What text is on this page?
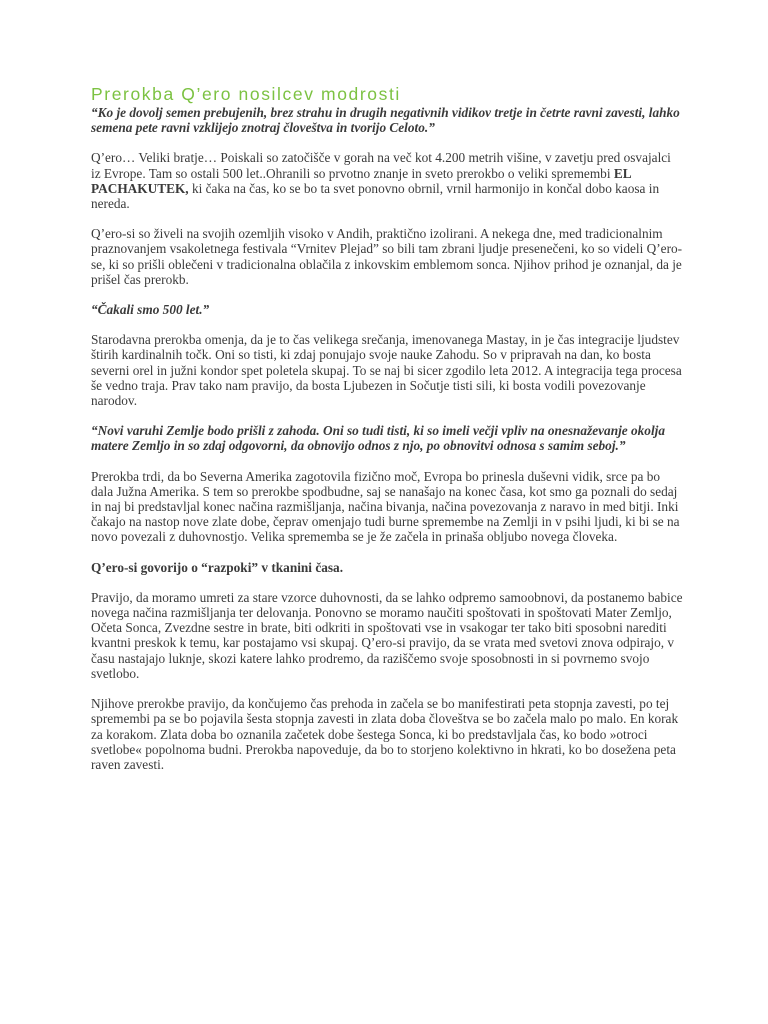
Prerokba Q’ero nosilcev modrosti

“Ko je dovolj semen prebujenih, brez strahu in drugih negativnih vidikov tretje in četrte ravni zavesti, lahko semena pete ravni vzklijejo znotraj človeštva in tvorijo Celoto.”

Q’ero… Veliki bratje… Poiskali so zatočišče v gorah na več kot 4.200 metrih višine, v zavetju pred osvajalci iz Evrope. Tam so ostali 500 let..Ohranili so prvotno znanje in sveto prerokbo o veliki spremembi EL PACHAKUTEK, ki čaka na čas, ko se bo ta svet ponovno obrnil, vrnil harmonijo in končal dobo kaosa in nereda.

Q’ero-si so živeli na svojih ozemljih visoko v Andih, praktično izolirani. A nekega dne, med tradicionalnim praznovanjem vsakoletnega festivala “Vrnitev Plejad” so bili tam zbrani ljudje presenečeni, ko so videli Q’ero-se, ki so prišli oblečeni v tradicionalna oblačila z inkovskim emblemom sonca. Njihov prihod je oznanjal, da je prišel čas prerokb.

“Čakali smo 500 let.”

Starodavna prerokba omenja, da je to čas velikega srečanja, imenovanega Mastay, in je čas integracije ljudstev štirih kardinalnih točk. Oni so tisti, ki zdaj ponujajo svoje nauke Zahodu. So v pripravah na dan, ko bosta severni orel in južni kondor spet poletela skupaj. To se naj bi sicer zgodilo leta 2012. A integracija tega procesa še vedno traja. Prav tako nam pravijo, da bosta Ljubezen in Sočutje tisti sili, ki bosta vodili povezovanje narodov.

“Novi varuhi Zemlje bodo prišli z zahoda. Oni so tudi tisti, ki so imeli večji vpliv na onesnaževanje okolja matere Zemljo in so zdaj odgovorni, da obnovijo odnos z njo, po obnovitvi odnosa s samim seboj.”

Prerokba trdi, da bo Severna Amerika zagotovila fizično moč, Evropa bo prinesla duševni vidik, srce pa bo dala Južna Amerika. S tem so prerokbe spodbudne, saj se nanašajo na konec časa, kot smo ga poznali do sedaj in naj bi predstavljal konec načina razmišljanja, načina bivanja, načina povezovanja z naravo in med bitji. Inki čakajo na nastop nove zlate dobe, čeprav omenjajo tudi burne spremembe na Zemlji in v psihi ljudi, ki bi se na novo povezali z duhovnostjo. Velika sprememba se je že začela in prinaša obljubo novega človeka.

Q’ero-si govorijo o “razpoki” v tkanini časa.

Pravijo, da moramo umreti za stare vzorce duhovnosti, da se lahko odpremo samoobnovi, da postanemo babice novega načina razmišljanja ter delovanja. Ponovno se moramo naučiti spoštovati in spoštovati Mater Zemljo, Očeta Sonca, Zvezdne sestre in brate, biti odkriti in spoštovati vse in vsakogar ter tako biti sposobni narediti kvantni preskok k temu, kar postajamo vsi skupaj. Q’ero-si pravijo, da se vrata med svetovi znova odpirajo, v času nastajajo luknje, skozi katere lahko prodremo, da raziščemo svoje sposobnosti in si povrnemo svojo svetlobo.

Njihove prerokbe pravijo, da končujemo čas prehoda in začela se bo manifestirati peta stopnja zavesti, po tej spremembi pa se bo pojavila šesta stopnja zavesti in zlata doba človeštva se bo začela malo po malo. En korak za korakom. Zlata doba bo oznanila začetek dobe šestega Sonca, ki bo predstavljala čas, ko bodo »otroci svetlobe« popolnoma budni. Prerokba napoveduje, da bo to storjeno kolektivno in hkrati, ko bo dosežena peta raven zavesti.
